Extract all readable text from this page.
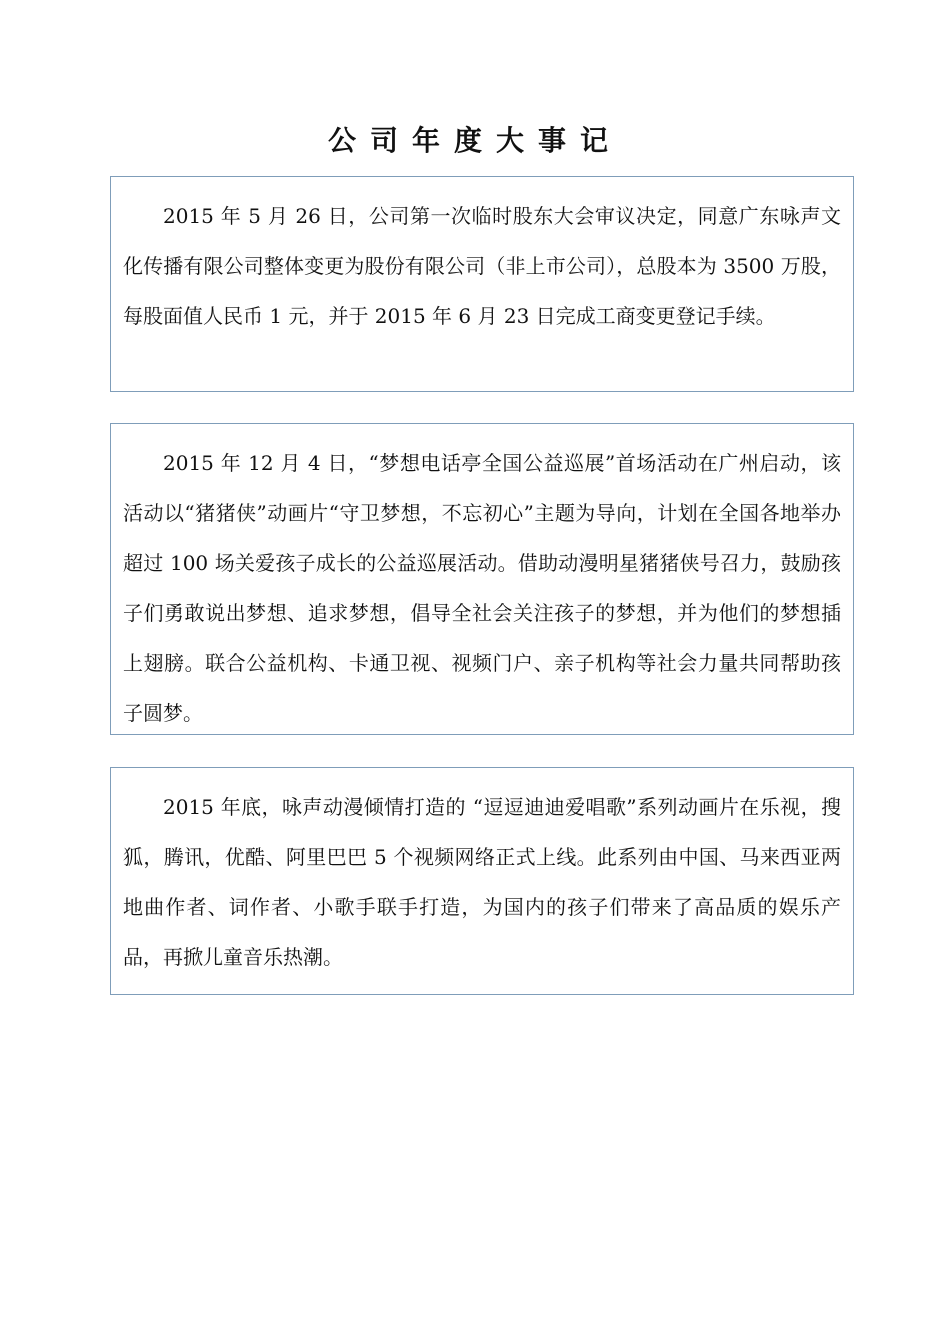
公司年度大事记

2015 年 5 月 26 日，公司第一次临时股东大会审议决定，同意广东咏声文化传播有限公司整体变更为股份有限公司（非上市公司），总股本为 3500 万股，每股面值人民币 1 元，并于 2015 年 6 月 23 日完成工商变更登记手续。

2015 年 12 月 4 日，“梦想电话亭全国公益巡展”首场活动在广州启动，该活动以“猪猪侠”动画片“守卫梦想，不忘初心”主题为导向，计划在全国各地举办超过 100 场关爱孩子成长的公益巡展活动。借助动漫明星猪猪侠号召力，鼓励孩子们勇敢说出梦想、追求梦想，倡导全社会关注孩子的梦想，并为他们的梦想插上翅膀。联合公益机构、卡通卫视、视频门户、亲子机构等社会力量共同帮助孩子圆梦。

2015 年底，咏声动漫倾情打造的 “逗逗迪迪爱唱歌”系列动画片在乐视，搜狐，腾讯，优酷、阿里巴巴 5 个视频网络正式上线。此系列由中国、马来西亚两地曲作者、词作者、小歌手联手打造，为国内的孩子们带来了高品质的娱乐产品，再掀儿童音乐热潮。
